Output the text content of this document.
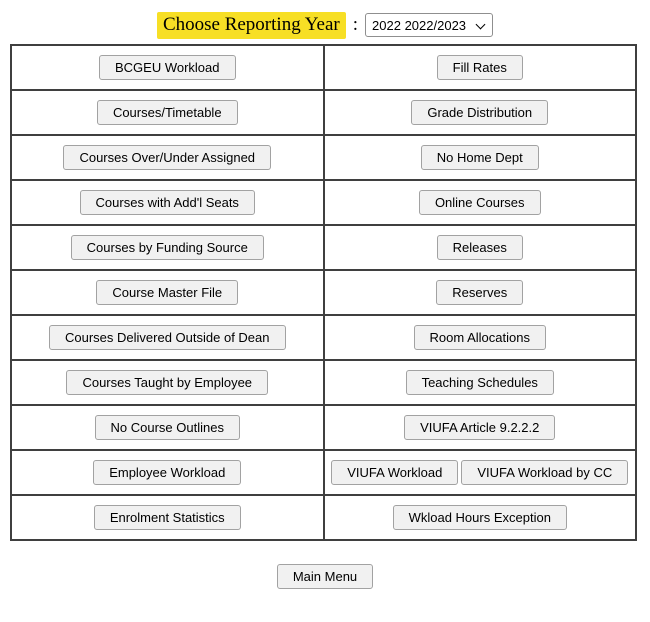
Choose Reporting Year :
2022 2022/2023
BCGEU Workload	Fill Rates

Courses/Timetable	Grade Distribution

Courses Over/Under Assigned	No Home Dept

Courses with Add'l Seats	Online Courses

Courses by Funding Source	Releases

Course Master File	Reserves

Courses Delivered Outside of Dean	Room Allocations

Courses Taught by Employee	Teaching Schedules

No Course Outlines	VIUFA Article 9.2.2.2

Employee Workload	VIUFA Workload VIUFA Workload by CC

Enrolment Statistics	Wkload Hours Exception
Main Menu
